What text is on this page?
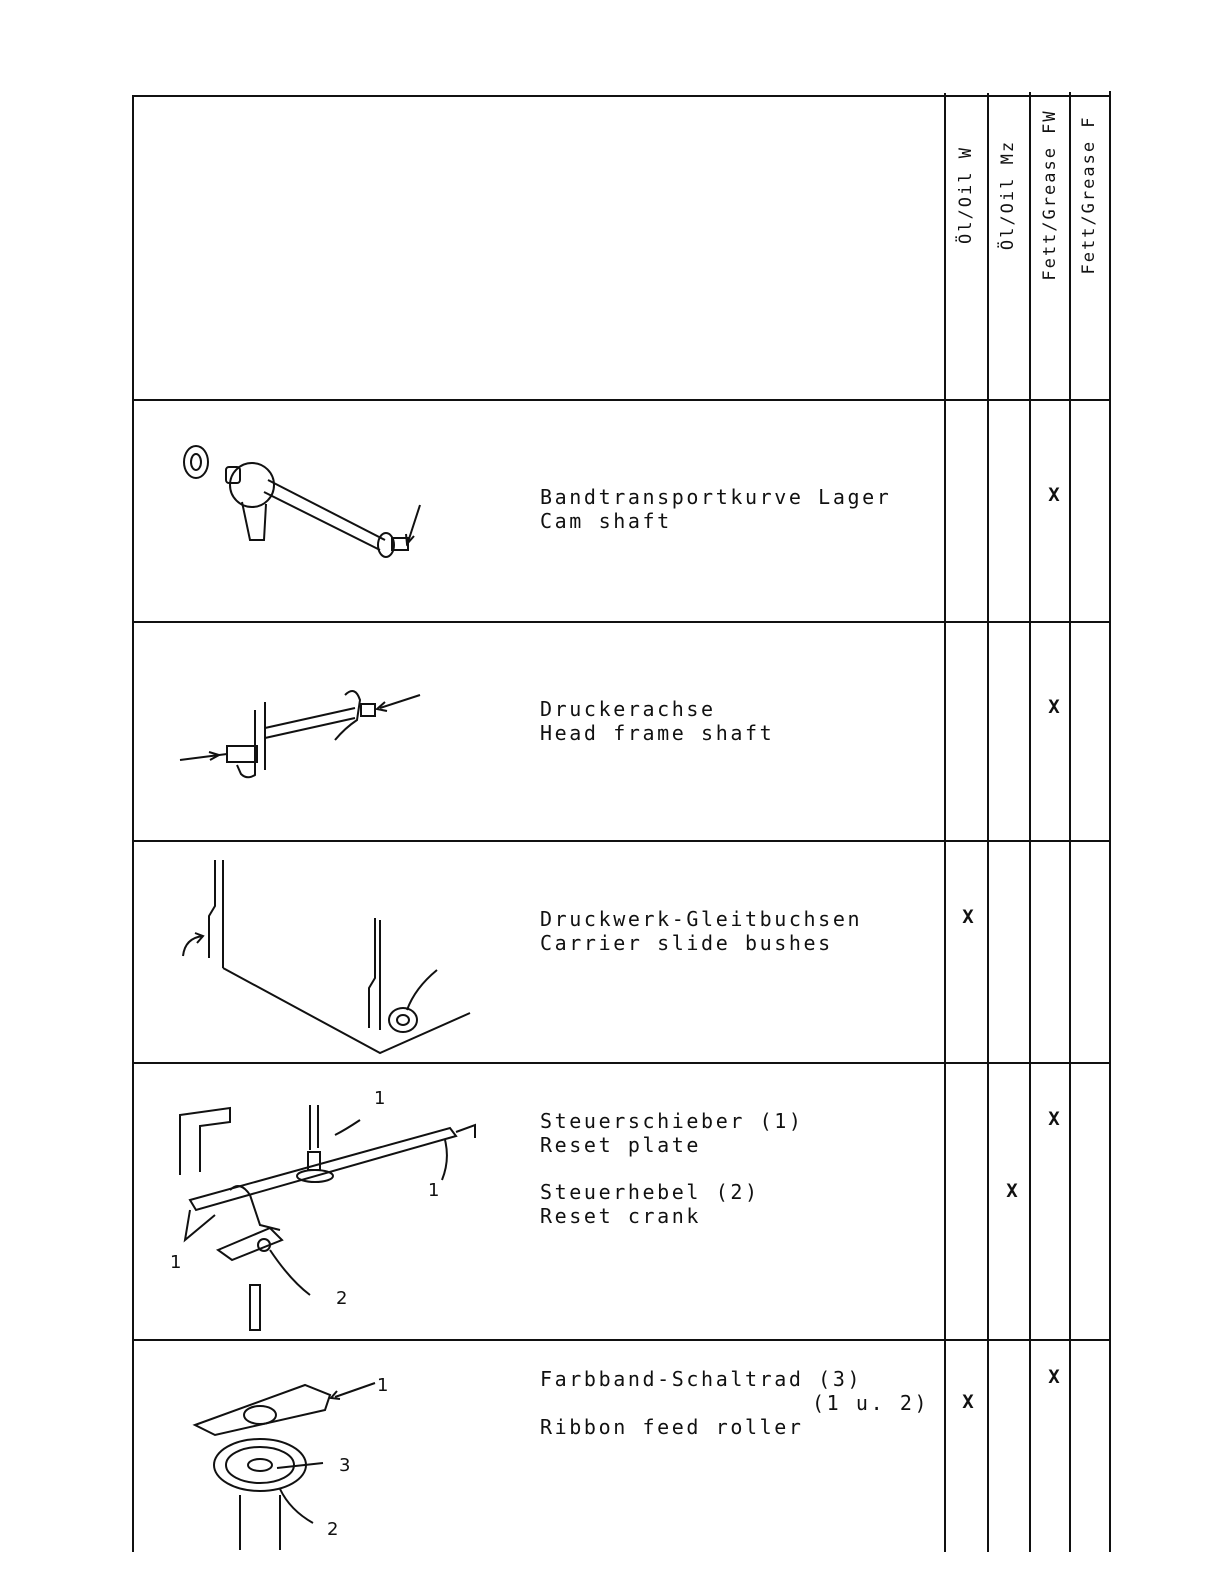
Öl/Oil W Öl/Oil Mz Fett/Grease FW Fett/Grease F
Bandtransportkurve Lager
Cam shaft
X
Druckerachse
Head frame shaft
X
Druckwerk-Gleitbuchsen
Carrier slide bushes
X
Steuerschieber (1)
Reset plate
Steuerhebel (2)
Reset crank
X
X
1
1
1
2
Farbband-Schaltrad (3)
(1 u. 2)
Ribbon feed roller
X
X
1
3
2
